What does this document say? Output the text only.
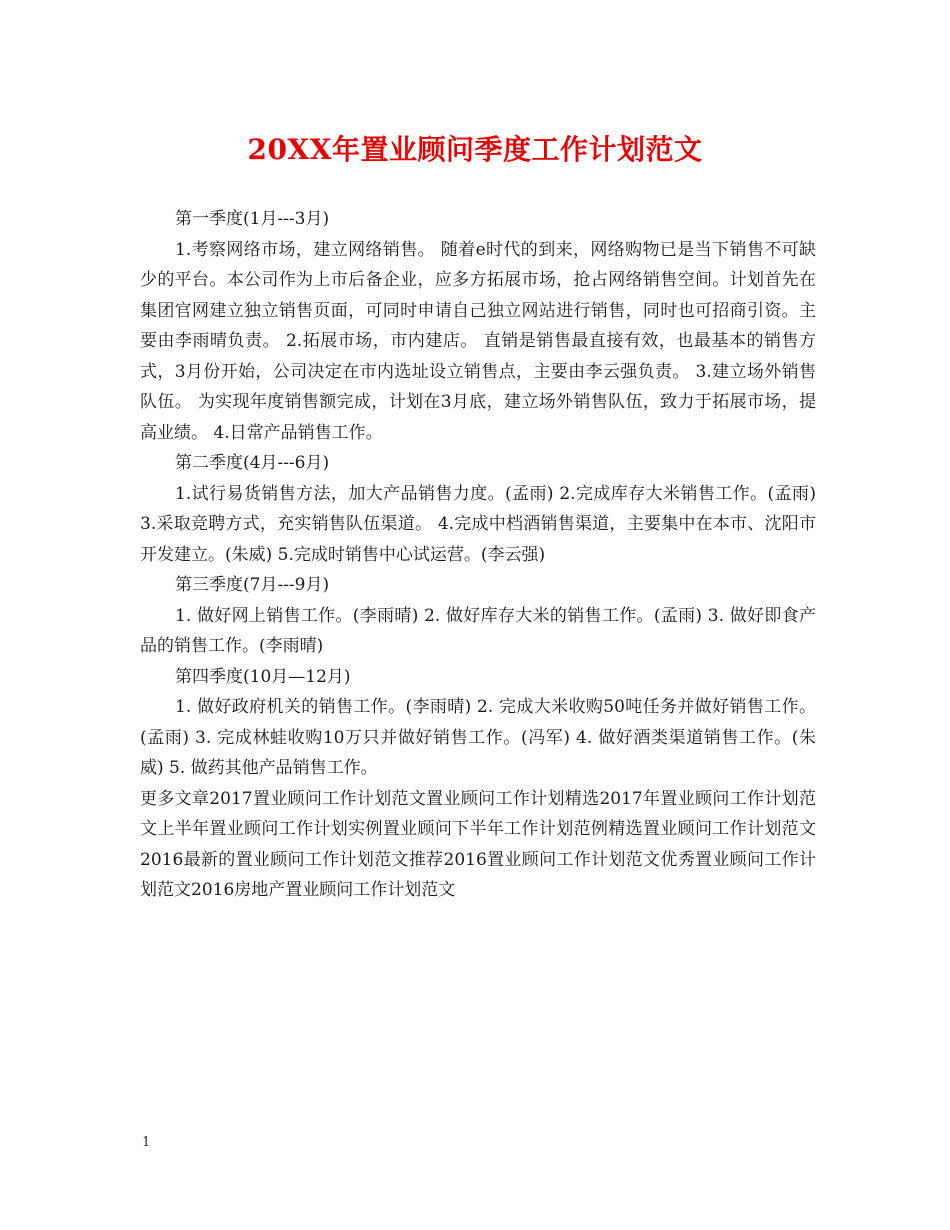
20XX年置业顾问季度工作计划范文

第一季度(1月---3月)

1.考察网络市场，建立网络销售。 随着e时代的到来，网络购物已是当下销售不可缺少的平台。本公司作为上市后备企业，应多方拓展市场，抢占网络销售空间。计划首先在集团官网建立独立销售页面，可同时申请自己独立网站进行销售，同时也可招商引资。主要由李雨晴负责。 2.拓展市场，市内建店。 直销是销售最直接有效，也最基本的销售方式，3月份开始，公司决定在市内选址设立销售点，主要由李云强负责。 3.建立场外销售队伍。 为实现年度销售额完成，计划在3月底，建立场外销售队伍，致力于拓展市场，提高业绩。 4.日常产品销售工作。

第二季度(4月---6月)

1.试行易货销售方法，加大产品销售力度。(孟雨) 2.完成库存大米销售工作。(孟雨) 3.采取竞聘方式，充实销售队伍渠道。 4.完成中档酒销售渠道，主要集中在本市、沈阳市开发建立。(朱威) 5.完成时销售中心试运营。(李云强)

第三季度(7月---9月)

1. 做好网上销售工作。(李雨晴) 2. 做好库存大米的销售工作。(孟雨) 3. 做好即食产品的销售工作。(李雨晴)

第四季度(10月—12月)

1. 做好政府机关的销售工作。(李雨晴) 2. 完成大米收购50吨任务并做好销售工作。(孟雨) 3. 完成林蛙收购10万只并做好销售工作。(冯军) 4. 做好酒类渠道销售工作。(朱威) 5. 做药其他产品销售工作。

更多文章2017置业顾问工作计划范文置业顾问工作计划精选2017年置业顾问工作计划范文上半年置业顾问工作计划实例置业顾问下半年工作计划范例精选置业顾问工作计划范文2016最新的置业顾问工作计划范文推荐2016置业顾问工作计划范文优秀置业顾问工作计划范文2016房地产置业顾问工作计划范文

1
